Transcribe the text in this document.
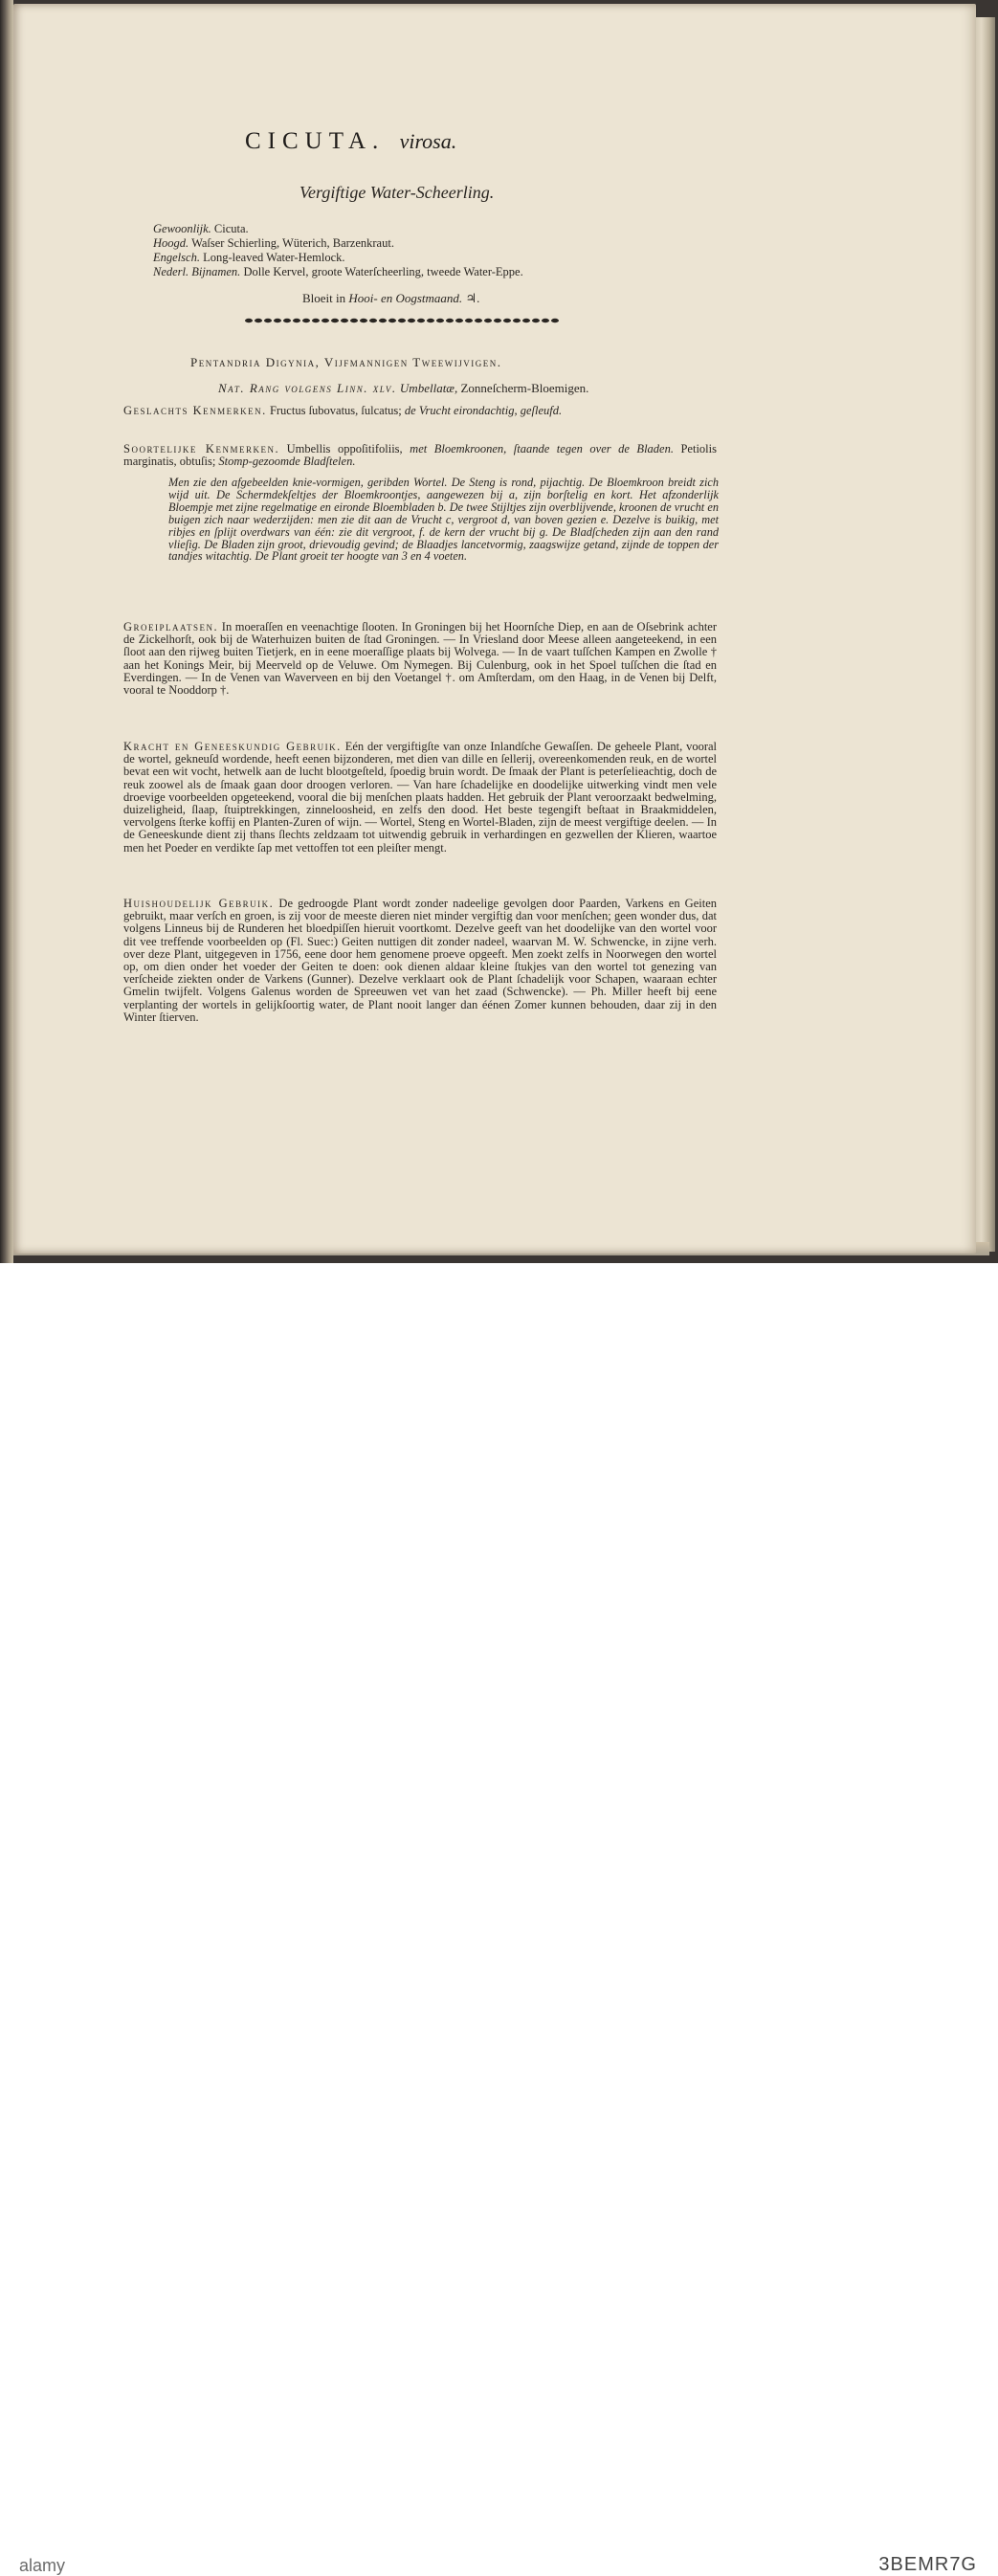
CICUTA. virosa.
Vergiftige Water-Scheerling.
Gewoonlijk. Cicuta.
Hoogd. Waſser Schierling, Wüterich, Barzenkraut.
Engelsch. Long-leaved Water-Hemlock.
Nederl. Bijnamen. Dolle Kervel, groote Waterſcheerling, tweede Water-Eppe.
Bloeit in Hooi- en Oogstmaand. ♃.
Pentandria Digynia, Vijfmannigen Tweewijvigen.
Nat. Rang volgens Linn. xlv. Umbellatæ, Zonneſcherm-Bloemigen.
Geslachts Kenmerken. Fructus ſubovatus, ſulcatus; de Vrucht eirondachtig, geſleufd.
Soortelijke Kenmerken. Umbellis oppoſitifoliis, met Bloemkroonen, ſtaande tegen over de Bladen. Petiolis marginatis, obtuſis; Stomp-gezoomde Bladſtelen.
Men zie den afgebeelden knie-vormigen, geribden Wortel. De Steng is rond, pijachtig. De Bloemkroon breidt zich wijd uit. De Schermdekſeltjes der Bloemkroontjes, aangewezen bij a, zijn borſtelig en kort. Het afzonderlijk Bloempje met zijne regelmatige en eironde Bloembladen b. De twee Stijltjes zijn overblijvende, kroonen de vrucht en buigen zich naar wederzijden: men zie dit aan de Vrucht c, vergroot d, van boven gezien e. Dezelve is buikig, met ribjes en ſplijt overdwars van één: zie dit vergroot, f. de kern der vrucht bij g. De Bladſcheden zijn aan den rand vlieſig. De Bladen zijn groot, drievoudig gevind; de Blaadjes lancetvormig, zaagswijze getand, zijnde de toppen der tandjes witachtig. De Plant groeit ter hoogte van 3 en 4 voeten.
Groeiplaatsen. In moeraſſen en veenachtige ſlooten. In Groningen bij het Hoornſche Diep, en aan de Oſsebrink achter de Zickelhorſt, ook bij de Waterhuizen buiten de ſtad Groningen. — In Vriesland door Meese alleen aangeteekend, in een ſloot aan den rijweg buiten Tietjerk, en in eene moeraſſige plaats bij Wolvega. — In de vaart tuſſchen Kampen en Zwolle † aan het Konings Meir, bij Meerveld op de Veluwe. Om Nymegen. Bij Culenburg, ook in het Spoel tuſſchen die ſtad en Everdingen. — In de Venen van Waverveen en bij den Voetangel †. om Amſterdam, om den Haag, in de Venen bij Delft, vooral te Nooddorp †.
Kracht en Geneeskundig Gebruik. Eén der vergiftigſte van onze Inlandſche Gewaſſen. De geheele Plant, vooral de wortel, gekneuſd wordende, heeft eenen bijzonderen, met dien van dille en ſellerij, overeenkomenden reuk, en de wortel bevat een wit vocht, hetwelk aan de lucht blootgeſteld, ſpoedig bruin wordt. De ſmaak der Plant is peterſelieachtig, doch de reuk zoowel als de ſmaak gaan door droogen verloren. — Van hare ſchadelijke en doodelijke uitwerking vindt men vele droevige voorbeelden opgeteekend, vooral die bij menſchen plaats hadden. Het gebruik der Plant veroorzaakt bedwelming, duizeligheid, ſlaap, ſtuiptrekkingen, zinneloosheid, en zelfs den dood. Het beste tegengift beſtaat in Braakmiddelen, vervolgens ſterke koffij en Planten-Zuren of wijn. — Wortel, Steng en Wortel-Bladen, zijn de meest vergiftige deelen. — In de Geneeskunde dient zij thans ſlechts zeldzaam tot uitwendig gebruik in verhardingen en gezwellen der Klieren, waartoe men het Poeder en verdikte ſap met vettoffen tot een pleiſter mengt.
Huishoudelijk Gebruik. De gedroogde Plant wordt zonder nadeelige gevolgen door Paarden, Varkens en Geiten gebruikt, maar verſch en groen, is zij voor de meeste dieren niet minder vergiftig dan voor menſchen; geen wonder dus, dat volgens Linneus bij de Runderen het bloedpiſſen hieruit voortkomt. Dezelve geeft van het doodelijke van den wortel voor dit vee treffende voorbeelden op (Fl. Suec:) Geiten nuttigen dit zonder nadeel, waarvan M. W. Schwencke, in zijne verh. over deze Plant, uitgegeven in 1756, eene door hem genomene proeve opgeeft. Men zoekt zelfs in Noorwegen den wortel op, om dien onder het voeder der Geiten te doen: ook dienen aldaar kleine ſtukjes van den wortel tot genezing van verſcheide ziekten onder de Varkens (Gunner). Dezelve verklaart ook de Plant ſchadelijk voor Schapen, waaraan echter Gmelin twijfelt. Volgens Galenus worden de Spreeuwen vet van het zaad (Schwencke). — Ph. Miller heeft bij eene verplanting der wortels in gelijkſoortig water, de Plant nooit langer dan éénen Zomer kunnen behouden, daar zij in den Winter ſtierven.
alamy	3BEMR7G
